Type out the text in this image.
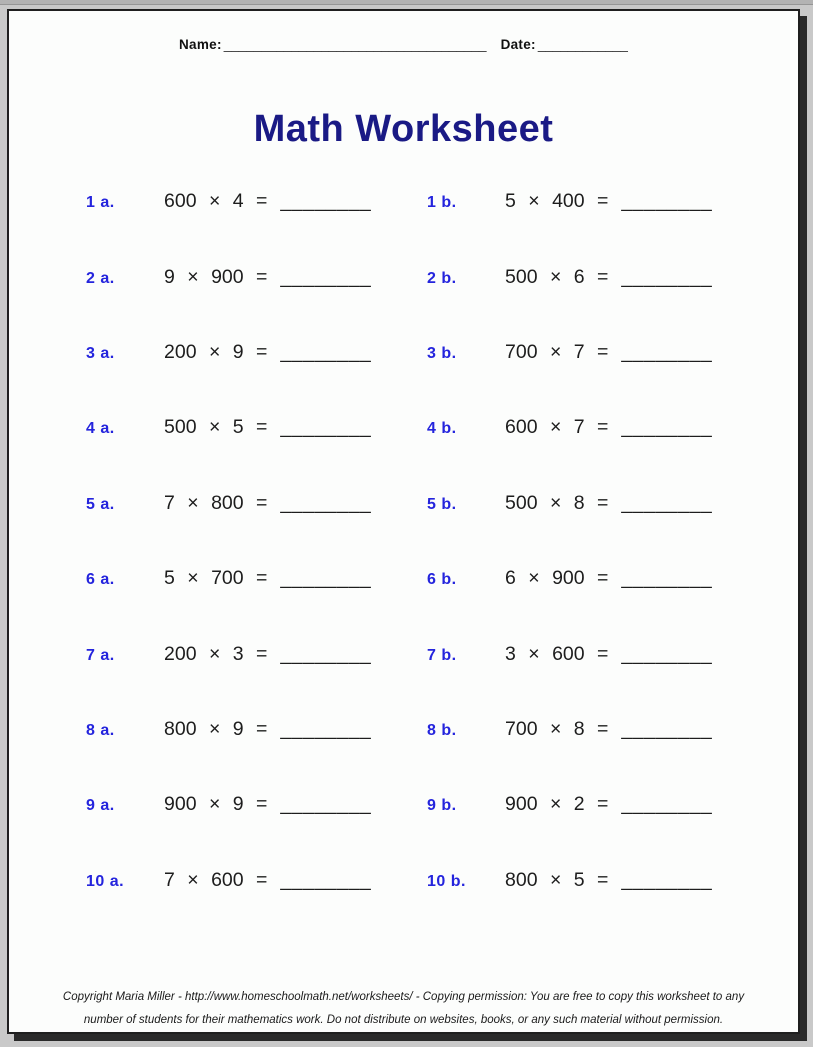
Name: ___________________________________ Date: ____________
Math Worksheet
1 a.	600 × 4 = ________	1 b.	5 × 400 = ________
2 a.	9 × 900 = ________	2 b.	500 × 6 = ________
3 a.	200 × 9 = ________	3 b.	700 × 7 = ________
4 a.	500 × 5 = ________	4 b.	600 × 7 = ________
5 a.	7 × 800 = ________	5 b.	500 × 8 = ________
6 a.	5 × 700 = ________	6 b.	6 × 900 = ________
7 a.	200 × 3 = ________	7 b.	3 × 600 = ________
8 a.	800 × 9 = ________	8 b.	700 × 8 = ________
9 a.	900 × 9 = ________	9 b.	900 × 2 = ________
10 a.	7 × 600 = ________	10 b.	800 × 5 = ________
Copyright Maria Miller - http://www.homeschoolmath.net/worksheets/ - Copying permission: You are free to copy this worksheet to any
number of students for their mathematics work. Do not distribute on websites, books, or any such material without permission.
